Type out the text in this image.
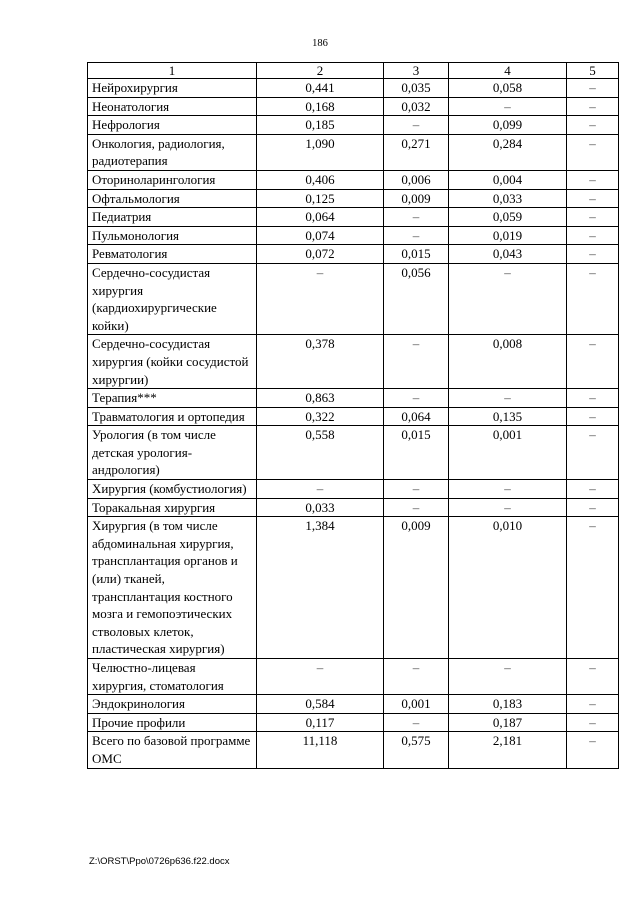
186
1	2	3	4	5
Нейрохирургия	0,441	0,035	0,058	–
Неонатология	0,168	0,032	–	–
Нефрология	0,185	–	0,099	–
Онкология, радиология, радиотерапия	1,090	0,271	0,284	–
Оториноларингология	0,406	0,006	0,004	–
Офтальмология	0,125	0,009	0,033	–
Педиатрия	0,064	–	0,059	–
Пульмонология	0,074	–	0,019	–
Ревматология	0,072	0,015	0,043	–
Сердечно-сосудистая хирургия (кардиохирургические койки)	–	0,056	–	–
Сердечно-сосудистая хирургия (койки сосудистой хирургии)	0,378	–	0,008	–
Терапия***	0,863	–	–	–
Травматология и ортопедия	0,322	0,064	0,135	–
Урология (в том числе детская урология-андрология)	0,558	0,015	0,001	–
Хирургия (комбустиология)	–	–	–	–
Торакальная хирургия	0,033	–	–	–
Хирургия (в том числе абдоминальная хирургия, трансплантация органов и (или) тканей, трансплантация костного мозга и гемопоэтических стволовых клеток, пластическая хирургия)	1,384	0,009	0,010	–
Челюстно-лицевая хирургия, стоматология	–	–	–	–
Эндокринология	0,584	0,001	0,183	–
Прочие профили	0,117	–	0,187	–
Всего по базовой программе ОМС	11,118	0,575	2,181	–
Z:\ORST\Ppo\0726p636.f22.docx
